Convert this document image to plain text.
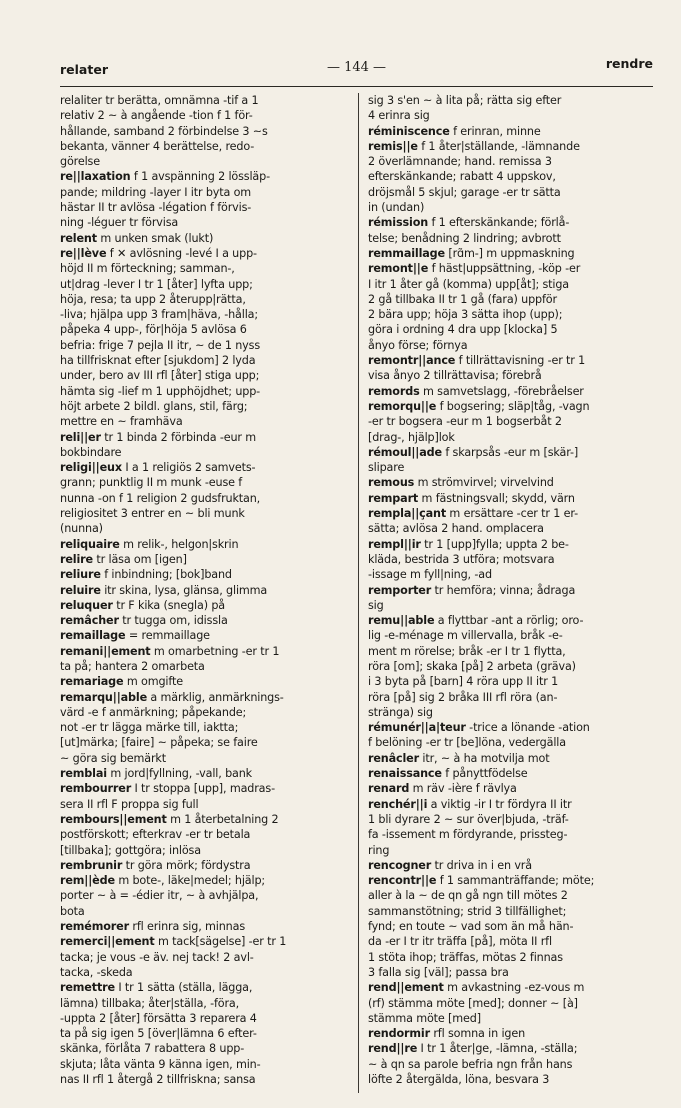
relater	— 144 —	rendre
relaliter tr berätta, omnämna -tif a 1
relativ 2 ~ à angående -tion f 1 för-
hållande, samband 2 förbindelse 3 ~s
bekanta, vänner 4 berättelse, redo-
görelse
re||laxation f 1 avspänning 2 lössläp-
pande; mildring -layer I itr byta om
hästar II tr avlösa -légation f förvis-
ning -léguer tr förvisa
relent m unken smak (lukt)
re||lève f ✕ avlösning -levé I a upp-
höjd II m förteckning; samman-,
ut|drag -lever I tr 1 [åter] lyfta upp;
höja, resa; ta upp 2 återupp|rätta,
-liva; hjälpa upp 3 fram|häva, -hålla;
påpeka 4 upp-, för|höja 5 avlösa 6
befria: frige 7 pejla II itr, ~ de 1 nyss
ha tillfrisknat efter [sjukdom] 2 lyda
under, bero av III rfl [åter] stiga upp;
hämta sig -lief m 1 upphöjdhet; upp-
höjt arbete 2 bildl. glans, stil, färg;
mettre en ~ framhäva
reli||er tr 1 binda 2 förbinda -eur m
bokbindare
religi||eux I a 1 religiös 2 samvets-
grann; punktlig II m munk -euse f
nunna -on f 1 religion 2 gudsfruktan,
religiositet 3 entrer en ~ bli munk
(nunna)
reliquaire m relik-, helgon|skrin
relire tr läsa om [igen]
reliure f inbindning; [bok]band
reluire itr skina, lysa, glänsa, glimma
reluquer tr F kika (snegla) på
remâcher tr tugga om, idissla
remaillage = remmaillage
remani||ement m omarbetning -er tr 1
ta på; hantera 2 omarbeta
remariage m omgifte
remarqu||able a märklig, anmärknings-
värd -e f anmärkning; påpekande;
not -er tr lägga märke till, iaktta;
[ut]märka; [faire] ~ påpeka; se faire
~ göra sig bemärkt
remblai m jord|fyllning, -vall, bank
rembourrer I tr stoppa [upp], madras-
sera II rfl F proppa sig full
rembours||ement m 1 återbetalning 2
postförskott; efterkrav -er tr betala
[tillbaka]; gottgöra; inlösa
rembrunir tr göra mörk; fördystra
rem||ède m bote-, läke|medel; hjälp;
porter ~ à = -édier itr, ~ à avhjälpa,
bota
remémorer rfl erinra sig, minnas
remerci||ement m tack[sägelse] -er tr 1
tacka; je vous -e äv. nej tack! 2 avl-
tacka, -skeda
remettre I tr 1 sätta (ställa, lägga,
lämna) tillbaka; åter|ställa, -föra,
-uppta 2 [åter] försätta 3 reparera 4
ta på sig igen 5 [över|lämna 6 efter-
skänka, förlåta 7 rabattera 8 upp-
skjuta; låta vänta 9 känna igen, min-
nas II rfl 1 återgå 2 tillfriskna; sansa
sig 3 s'en ~ à lita på; rätta sig efter
4 erinra sig
réminiscence f erinran, minne
remis||e f 1 åter|ställande, -lämnande
2 överlämnande; hand. remissa 3
efterskänkande; rabatt 4 uppskov,
dröjsmål 5 skjul; garage -er tr sätta
in (undan)
rémission f 1 efterskänkande; förlå-
telse; benådning 2 lindring; avbrott
remmaillage [rɑ̃m-] m uppmaskning
remont||e f häst|uppsättning, -köp -er
I itr 1 åter gå (komma) upp[åt]; stiga
2 gå tillbaka II tr 1 gå (fara) uppför
2 bära upp; höja 3 sätta ihop (upp);
göra i ordning 4 dra upp [klocka] 5
ånyo förse; förnya
remontr||ance f tillrättavisning -er tr 1
visa ånyo 2 tillrättavisa; förebrå
remords m samvetslagg, -förebråelser
remorqu||e f bogsering; släp|tåg, -vagn
-er tr bogsera -eur m 1 bogserbåt 2
[drag-, hjälp]lok
rémoul||ade f skarpsås -eur m [skär-]
slipare
remous m strömvirvel; virvelvind
rempart m fästningsvall; skydd, värn
rempla||çant m ersättare -cer tr 1 er-
sätta; avlösa 2 hand. omplacera
rempl||ir tr 1 [upp]fylla; uppta 2 be-
kläda, bestrida 3 utföra; motsvara
-issage m fyll|ning, -ad
remporter tr hemföra; vinna; ådraga
sig
remu||able a flyttbar -ant a rörlig; oro-
lig -e-ménage m villervalla, bråk -e-
ment m rörelse; bråk -er I tr 1 flytta,
röra [om]; skaka [på] 2 arbeta (gräva)
i 3 byta på [barn] 4 röra upp II itr 1
röra [på] sig 2 bråka III rfl röra (an-
stränga) sig
rémunér||a|teur -trice a lönande -ation
f belöning -er tr [be]löna, vedergälla
renâcler itr, ~ à ha motvilja mot
renaissance f pånyttfödelse
renard m räv -ière f rävlya
renchér||i a viktig -ir I tr fördyra II itr
1 bli dyrare 2 ~ sur över|bjuda, -träf-
fa -issement m fördyrande, prissteg-
ring
rencogner tr driva in i en vrå
rencontr||e f 1 sammanträffande; möte;
aller à la ~ de qn gå ngn till mötes 2
sammanstötning; strid 3 tillfällighet;
fynd; en toute ~ vad som än må hän-
da -er I tr itr träffa [på], möta II rfl
1 stöta ihop; träffas, mötas 2 finnas
3 falla sig [väl]; passa bra
rend||ement m avkastning -ez-vous m
(rf) stämma möte [med]; donner ~ [à]
stämma möte [med]
rendormir rfl somna in igen
rend||re I tr 1 åter|ge, -lämna, -ställa;
~ à qn sa parole befria ngn från hans
löfte 2 återgälda, löna, besvara 3
